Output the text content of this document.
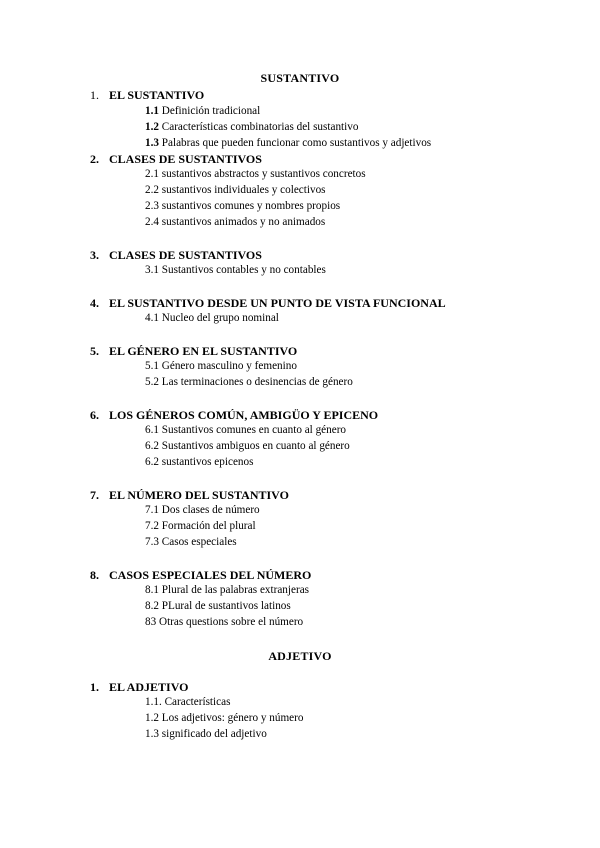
SUSTANTIVO
1. EL SUSTANTIVO
1.1 Definición tradicional
1.2 Características combinatorias del sustantivo
1.3 Palabras que pueden funcionar como sustantivos y adjetivos
2. CLASES DE SUSTANTIVOS
2.1 sustantivos abstractos y sustantivos concretos
2.2 sustantivos individuales y colectivos
2.3 sustantivos comunes y nombres propios
2.4 sustantivos animados y no animados
3. CLASES DE SUSTANTIVOS
3.1 Sustantivos contables y no contables
4. EL SUSTANTIVO DESDE UN PUNTO DE VISTA FUNCIONAL
4.1 Nucleo del grupo nominal
5. EL GÉNERO EN EL SUSTANTIVO
5.1 Género masculino y femenino
5.2 Las terminaciones o desinencias de género
6. LOS GÉNEROS COMÚN, AMBIGÜO Y EPICENO
6.1 Sustantivos comunes en cuanto al género
6.2 Sustantivos ambiguos en cuanto al género
6.2 sustantivos epicenos
7. EL NÚMERO DEL SUSTANTIVO
7.1 Dos clases de número
7.2 Formación del plural
7.3 Casos especiales
8. CASOS ESPECIALES DEL NÚMERO
8.1 Plural de las palabras extranjeras
8.2 PLural de sustantivos latinos
83 Otras questions sobre el número
ADJETIVO
1. EL ADJETIVO
1.1. Características
1.2 Los adjetivos: género y número
1.3 significado del adjetivo
